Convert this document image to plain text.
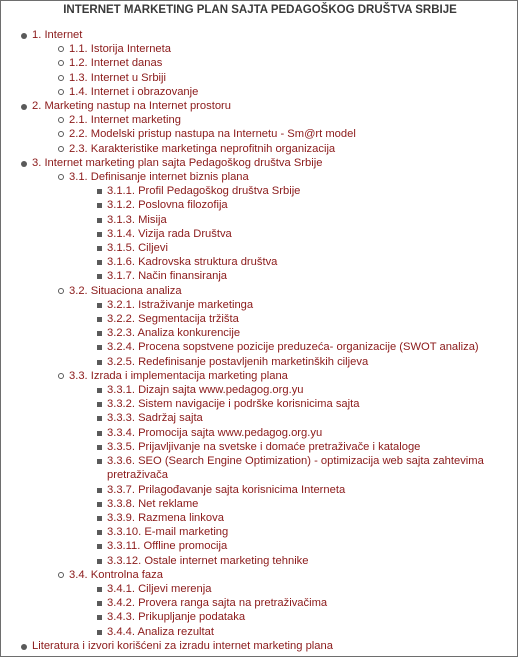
INTERNET MARKETING PLAN SAJTA PEDAGOŠKOG DRUŠTVA SRBIJE
1. Internet
1.1. Istorija Interneta
1.2. Internet danas
1.3. Internet u Srbiji
1.4. Internet i obrazovanje
2. Marketing nastup na Internet prostoru
2.1. Internet marketing
2.2. Modelski pristup nastupa na Internetu - Sm@rt model
2.3. Karakteristike marketinga neprofitnih organizacija
3. Internet marketing plan sajta Pedagoškog društva Srbije
3.1. Definisanje internet biznis plana
3.1.1. Profil Pedagoškog društva Srbije
3.1.2. Poslovna filozofija
3.1.3. Misija
3.1.4. Vizija rada Društva
3.1.5. Ciljevi
3.1.6. Kadrovska struktura društva
3.1.7. Način finansiranja
3.2. Situaciona analiza
3.2.1. Istraživanje marketinga
3.2.2. Segmentacija tržišta
3.2.3. Analiza konkurencije
3.2.4. Procena sopstvene pozicije preduzeća- organizacije (SWOT analiza)
3.2.5. Redefinisanje postavljenih marketinških ciljeva
3.3. Izrada i implementacija marketing plana
3.3.1. Dizajn sajta www.pedagog.org.yu
3.3.2. Sistem navigacije i podrške korisnicima sajta
3.3.3. Sadržaj sajta
3.3.4. Promocija sajta www.pedagog.org.yu
3.3.5. Prijavljivanje na svetske i domaće pretraživače i kataloge
3.3.6. SEO (Search Engine Optimization) - optimizacija web sajta zahtevima pretraživača
3.3.7. Prilagođavanje sajta korisnicima Interneta
3.3.8. Net reklame
3.3.9. Razmena linkova
3.3.10. E-mail marketing
3.3.11. Offline promocija
3.3.12. Ostale internet marketing tehnike
3.4. Kontrolna faza
3.4.1. Ciljevi merenja
3.4.2. Provera ranga sajta na pretraživačima
3.4.3. Prikupljanje podataka
3.4.4. Analiza rezultat
Literatura i izvori korišćeni za izradu internet marketing plana
